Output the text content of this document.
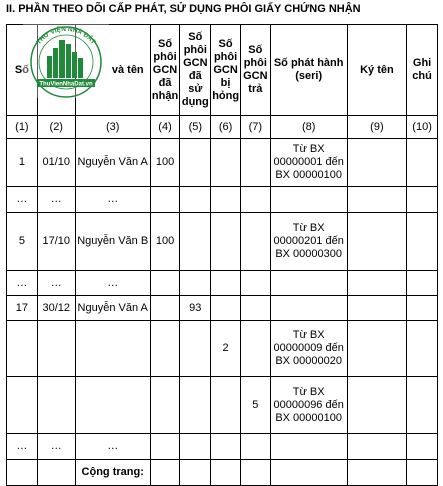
II. PHẦN THEO DÕI CẤP PHÁT, SỬ DỤNG PHÔI GIẤY CHỨNG NHẬN
Số		và tên	Số phôi GCN đã nhận	Số phôi GCN đã sử dụng	Số phôi GCN bị hỏng	Số phôi GCN trả	Số phát hành (seri)	Ký tên	Ghi chú
(1)	(2)	(3)	(4)	(5)	(6)	(7)	(8)	(9)	(10)
1	01/10	Nguyễn Văn A	100				Từ BX 00000001 đến BX 00000100		
…	…	…							
5	17/10	Nguyễn Văn B	100				Từ BX 00000201 đến BX 00000300		
…	…	…							
17	30/12	Nguyễn Văn A		93					
					2		Từ BX 00000009 đến BX 00000020		
						5	Từ BX 00000096 đến BX 00000100		
…	…	…							
		Cộng trang:							
THƯ VIỆN NHÀ ĐẤT
ThuVienNhaDat.vn
